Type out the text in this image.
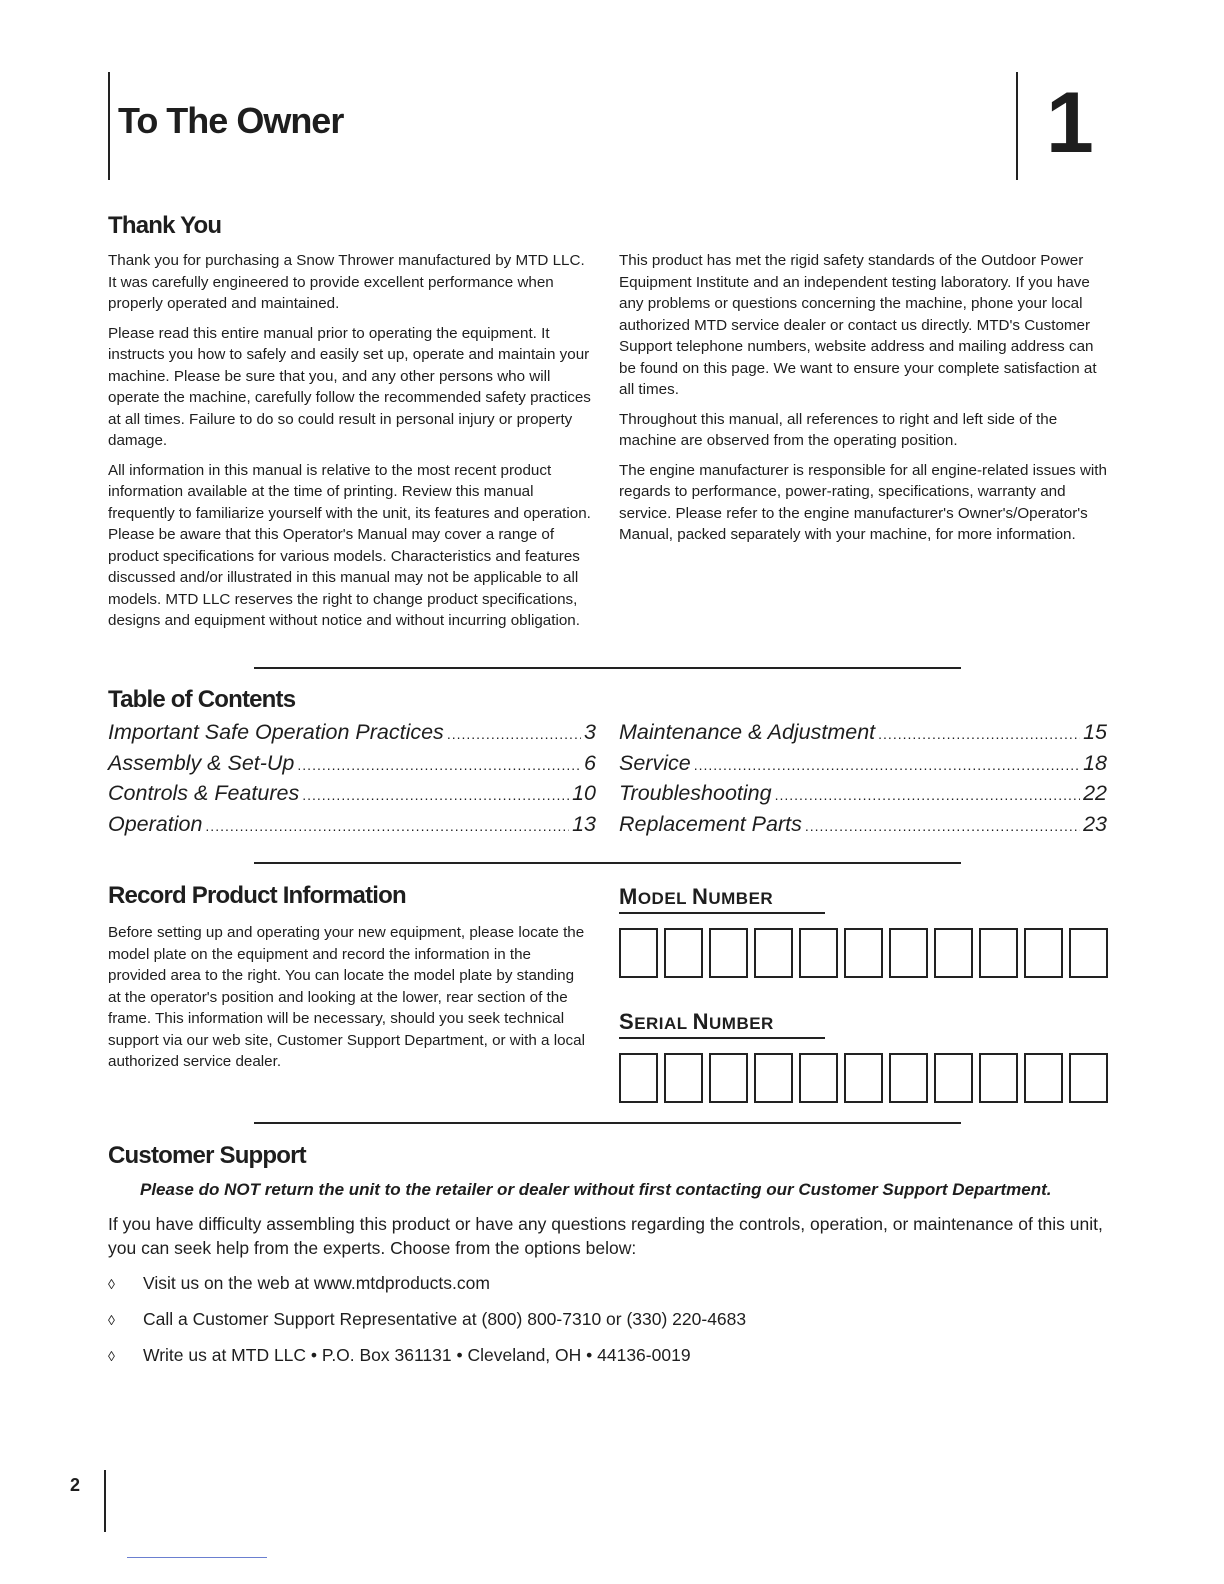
To The Owner	1
Thank You

Thank you for purchasing a Snow Thrower manufactured by MTD LLC. It was carefully engineered to provide excellent performance when properly operated and maintained.

Please read this entire manual prior to operating the equipment. It instructs you how to safely and easily set up, operate and maintain your machine. Please be sure that you, and any other persons who will operate the machine, carefully follow the recommended safety practices at all times. Failure to do so could result in personal injury or property damage.

All information in this manual is relative to the most recent product information available at the time of printing. Review this manual frequently to familiarize yourself with the unit, its features and operation. Please be aware that this Operator's Manual may cover a range of product specifications for various models. Characteristics and features discussed and/or illustrated in this manual may not be applicable to all models. MTD LLC reserves the right to change product specifications, designs and equipment without notice and without incurring obligation.

This product has met the rigid safety standards of the Outdoor Power Equipment Institute and an independent testing laboratory. If you have any problems or questions concerning the machine, phone your local authorized MTD service dealer or contact us directly. MTD's Customer Support telephone numbers, website address and mailing address can be found on this page. We want to ensure your complete satisfaction at all times.

Throughout this manual, all references to right and left side of the machine are observed from the operating position.

The engine manufacturer is responsible for all engine-related issues with regards to performance, power-rating, specifications, warranty and service. Please refer to the engine manufacturer's Owner's/Operator's Manual, packed separately with your machine, for more information.

Table of Contents
Important Safe Operation Practices .....	3
Assembly & Set-Up .....	6
Controls & Features .....	10
Operation .....	13
Maintenance & Adjustment .....	15
Service .....	18
Troubleshooting .....	22
Replacement Parts .....	23
Record Product Information
Before setting up and operating your new equipment, please locate the model plate on the equipment and record the information in the provided area to the right. You can locate the model plate by standing at the operator's position and looking at the lower, rear section of the frame. This information will be necessary, should you seek technical support via our web site, Customer Support Department, or with a local authorized service dealer.
MODEL NUMBER
SERIAL NUMBER
Customer Support
Please do NOT return the unit to the retailer or dealer without first contacting our Customer Support Department.
If you have difficulty assembling this product or have any questions regarding the controls, operation, or maintenance of this unit, you can seek help from the experts. Choose from the options below:
◊ Visit us on the web at www.mtdproducts.com
◊ Call a Customer Support Representative at (800) 800-7310 or (330) 220-4683
◊ Write us at MTD LLC • P.O. Box 361131 • Cleveland, OH • 44136-0019
2
